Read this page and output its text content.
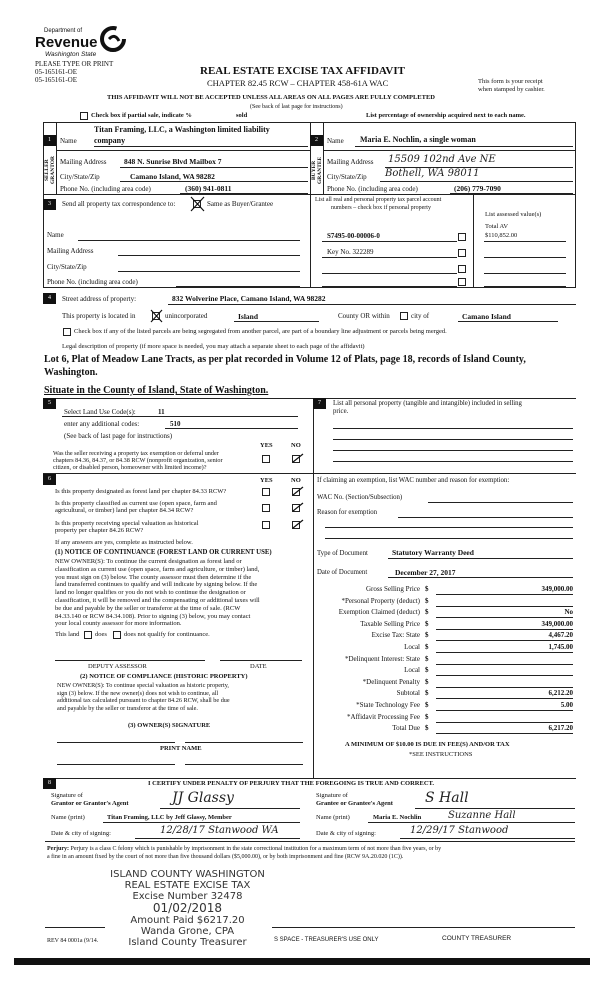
Department of
Revenue
Washington State
PLEASE TYPE OR PRINT
05-165161-OE
05-165161-OE
REAL ESTATE EXCISE TAX AFFIDAVIT
CHAPTER 82.45 RCW – CHAPTER 458-61A WAC	This form is your receipt
when stamped by cashier.
THIS AFFIDAVIT WILL NOT BE ACCEPTED UNLESS ALL AREAS ON ALL PAGES ARE FULLY COMPLETED
(See back of last page for instructions)
Check box if partial sale, indicate %	sold	List percentage of ownership acquired next to each name.
1
SELLER GRANTOR
Name
Titan Framing, LLC, a Washington limited liability
company
Mailing Address 848 N. Sunrise Blvd Mailbox 7
City/State/Zip	Camano Island, WA 98282
Phone No. (including area code)	(360) 941-0811
2
BUYER GRANTEE
Name Maria E. Nochlin, a single woman
Mailing Address 15509 102nd Ave NE
City/State/Zip Bothell, WA 98011
Phone No. (including area code)	(206) 779-7090
3	Send all property tax correspondence to:	Same as Buyer/Grantee
Name
Mailing Address
City/State/Zip
Phone No. (including area code)
List all real and personal property tax parcel account
numbers – check box if personal property
List assessed value(s)
Total AV
$110,852.00
S7495-00-00006-0
Key No. 322289
4	Street address of property:	832 Wolverine Place, Camano Island, WA 98282
This property is located in	unincorporated	Island	County OR within	city of	Camano Island
Check box if any of the listed parcels are being segregated from another parcel, are part of a boundary line adjustment or parcels being merged.
Legal description of property (if more space is needed, you may attach a separate sheet to each page of the affidavit)
Lot 6, Plat of Meadow Lane Tracts, as per plat recorded in Volume 12 of Plats, page 18, records of Island County,
Washington.
Situate in the County of Island, State of Washington.
5
Select Land Use Code(s):	11
enter any additional codes:	510
(See back of last page for instructions)
YES	NO
Was the seller receiving a property tax exemption or deferral under
chapters 84.36, 84.37, or 84.38 RCW (nonprofit organization, senior
citizen, or disabled person, homeowner with limited income)?
6	YES	NO
Is this property designated as forest land per chapter 84.33 RCW?
Is this property classified as current use (open space, farm and
agricultural, or timber) land per chapter 84.34 RCW?
Is this property receiving special valuation as historical
property per chapter 84.26 RCW?
If any answers are yes, complete as instructed below.
(1) NOTICE OF CONTINUANCE (FOREST LAND OR CURRENT USE)
NEW OWNER(S): To continue the current designation as forest land or
classification as current use (open space, farm and agriculture, or timber) land,
you must sign on (3) below. The county assessor must then determine if the
land transferred continues to qualify and will indicate by signing below. If the
land no longer qualifies or you do not wish to continue the designation or
classification, it will be removed and the compensating or additional taxes will
be due and payable by the seller or transferor at the time of sale. (RCW
84.33.140 or RCW 84.34.108). Prior to signing (3) below, you may contact
your local county assessor for more information.
This land does	does not qualify for continuance.
DEPUTY ASSESSOR	DATE
(2) NOTICE OF COMPLIANCE (HISTORIC PROPERTY)
NEW OWNER(S): To continue special valuation as historic property,
sign (3) below. If the new owner(s) does not wish to continue, all
additional tax calculated pursuant to chapter 84.26 RCW, shall be due
and payable by the seller or transferor at the time of sale.
(3) OWNER(S) SIGNATURE
PRINT NAME
7	List all personal property (tangible and intangible) included in selling
price.
If claiming an exemption, list WAC number and reason for exemption:
WAC No. (Section/Subsection)
Reason for exemption
Type of Document	Statutory Warranty Deed
Date of Document	December 27, 2017
Gross Selling Price $	349,000.00
*Personal Property (deduct) $
Exemption Claimed (deduct) $	No
Taxable Selling Price $	349,000.00
Excise Tax: State $	4,467.20
Local $	1,745.00
*Delinquent Interest: State $
Local $
*Delinquent Penalty $
Subtotal $	6,212.20
*State Technology Fee $	5.00
*Affidavit Processing Fee $
Total Due $	6,217.20
A MINIMUM OF $10.00 IS DUE IN FEE(S) AND/OR TAX
*SEE INSTRUCTIONS
8	I CERTIFY UNDER PENALTY OF PERJURY THAT THE FOREGOING IS TRUE AND CORRECT.
Signature of
Grantor or Grantor's Agent	JJ Glassy	Signature of
Grantee or Grantee's Agent S Hall
Name (print)	Titan Framing, LLC by Jeff Glassy, Member	Name (print)	Maria E. Nochlin	Suzanne Hall
Date & city of signing:	12/28/17 Stanwood WA	Date & city of signing:	12/29/17 Stanwood
Perjury: Perjury is a class C felony which is punishable by imprisonment in the state correctional institution for a maximum term of not more than five years, or by
a fine in an amount fixed by the court of not more than five thousand dollars ($5,000.00), or by both imprisonment and fine (RCW 9A.20.020 (1C)).
ISLAND COUNTY WASHINGTON
REAL ESTATE EXCISE TAX
Excise Number 32478
01/02/2018
Amount Paid $6217.20
Wanda Grone, CPA
Island County Treasurer
REV 84 0001a (9/14.	S SPACE - TREASURER'S USE ONLY	COUNTY TREASURER
